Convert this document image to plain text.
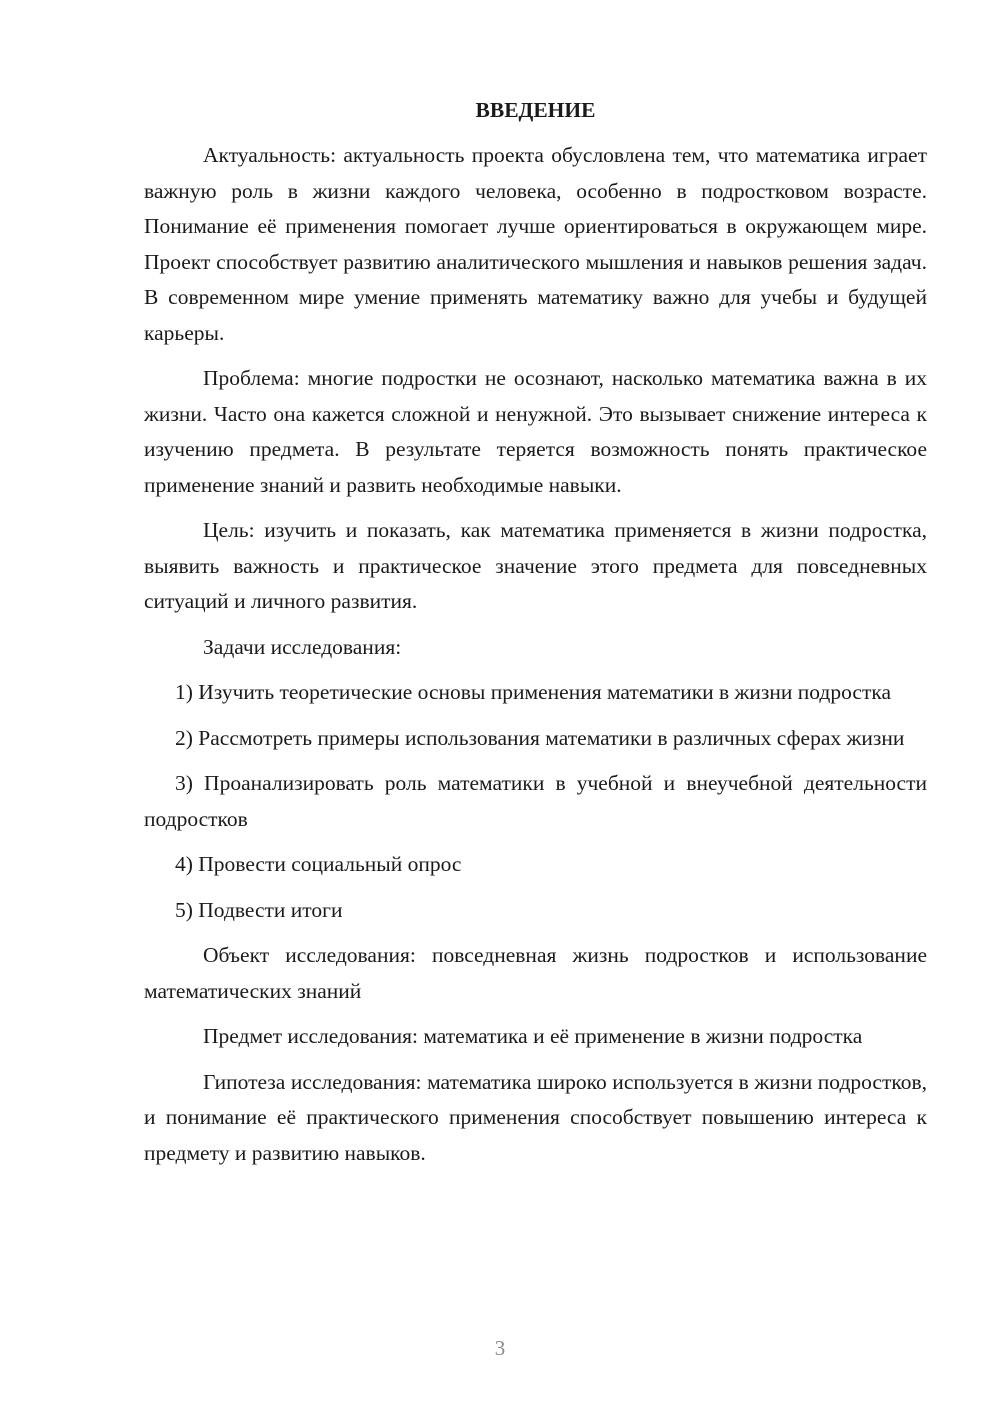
ВВЕДЕНИЕ

Актуальность: актуальность проекта обусловлена тем, что математика играет важную роль в жизни каждого человека, особенно в подростковом возрасте. Понимание её применения помогает лучше ориентироваться в окружающем мире. Проект способствует развитию аналитического мышления и навыков решения задач. В современном мире умение применять математику важно для учебы и будущей карьеры.

Проблема: многие подростки не осознают, насколько математика важна в их жизни. Часто она кажется сложной и ненужной. Это вызывает снижение интереса к изучению предмета. В результате теряется возможность понять практическое применение знаний и развить необходимые навыки.

Цель: изучить и показать, как математика применяется в жизни подростка, выявить важность и практическое значение этого предмета для повседневных ситуаций и личного развития.

Задачи исследования:

1) Изучить теоретические основы применения математики в жизни подростка

2) Рассмотреть примеры использования математики в различных сферах жизни

3) Проанализировать роль математики в учебной и внеучебной деятельности подростков

4) Провести социальный опрос

5) Подвести итоги

Объект исследования: повседневная жизнь подростков и использование математических знаний

Предмет исследования: математика и её применение в жизни подростка

Гипотеза исследования: математика широко используется в жизни подростков, и понимание её практического применения способствует повышению интереса к предмету и развитию навыков.

3
